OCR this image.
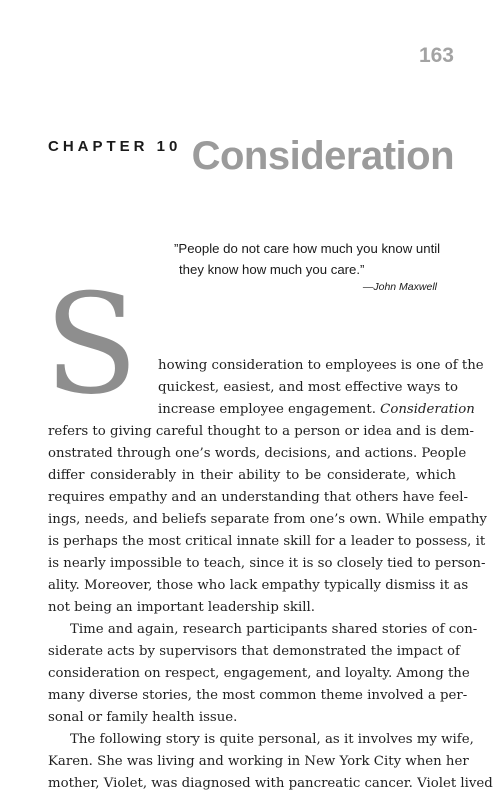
163
CHAPTER 10 Consideration
”People do not care how much you know until
they know how much you care.”
—John Maxwell
S	howing consideration to employees is one of the
quickest, easiest, and most effective ways to
increase employee engagement. Consideration
refers to giving careful thought to a person or idea and is dem-
onstrated through one’s words, decisions, and actions. People
differ considerably in their ability to be considerate, which
requires empathy and an understanding that others have feel-
ings, needs, and beliefs separate from one’s own. While empathy
is perhaps the most critical innate skill for a leader to possess, it
is nearly impossible to teach, since it is so closely tied to person-
ality. Moreover, those who lack empathy typically dismiss it as
not being an important leadership skill.
Time and again, research participants shared stories of con-
siderate acts by supervisors that demonstrated the impact of
consideration on respect, engagement, and loyalty. Among the
many diverse stories, the most common theme involved a per-
sonal or family health issue.
The following story is quite personal, as it involves my wife,
Karen. She was living and working in New York City when her
mother, Violet, was diagnosed with pancreatic cancer. Violet lived
